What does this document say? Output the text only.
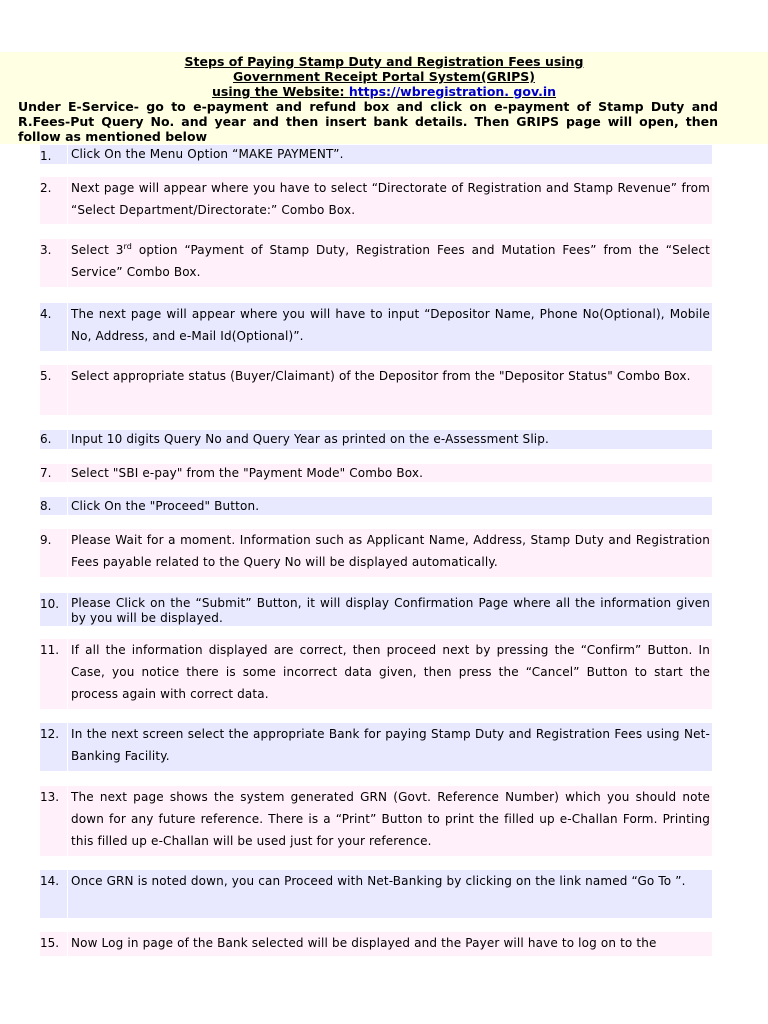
Steps of Paying Stamp Duty and Registration Fees using
Government Receipt Portal System(GRIPS)
using the Website: https://wbregistration. gov.in
Under E-Service- go to e-payment and refund box and click on e-payment of Stamp Duty and R.Fees-Put Query No. and year and then insert bank details. Then GRIPS page will open, then follow as mentioned below
1. Click On the Menu Option “MAKE PAYMENT”.
2. Next page will appear where you have to select “Directorate of Registration and Stamp Revenue” from “Select Department/Directorate:” Combo Box.
3. Select 3rd option “Payment of Stamp Duty, Registration Fees and Mutation Fees” from the “Select Service” Combo Box.
4. The next page will appear where you will have to input “Depositor Name, Phone No(Optional), Mobile No, Address, and e-Mail Id(Optional)”.
5. Select appropriate status (Buyer/Claimant) of the Depositor from the "Depositor Status" Combo Box.
6. Input 10 digits Query No and Query Year as printed on the e-Assessment Slip.
7. Select "SBI e-pay" from the "Payment Mode" Combo Box.
8. Click On the "Proceed" Button.
9. Please Wait for a moment. Information such as Applicant Name, Address, Stamp Duty and Registration Fees payable related to the Query No will be displayed automatically.
10. Please Click on the “Submit” Button, it will display Confirmation Page where all the information given by you will be displayed.
11. If all the information displayed are correct, then proceed next by pressing the “Confirm” Button. In Case, you notice there is some incorrect data given, then press the “Cancel” Button to start the process again with correct data.
12. In the next screen select the appropriate Bank for paying Stamp Duty and Registration Fees using Net-Banking Facility.
13. The next page shows the system generated GRN (Govt. Reference Number) which you should note down for any future reference. There is a “Print” Button to print the filled up e-Challan Form. Printing this filled up e-Challan will be used just for your reference.
14. Once GRN is noted down, you can Proceed with Net-Banking by clicking on the link named “Go To ”.
15. Now Log in page of the Bank selected will be displayed and the Payer will have to log on to the
